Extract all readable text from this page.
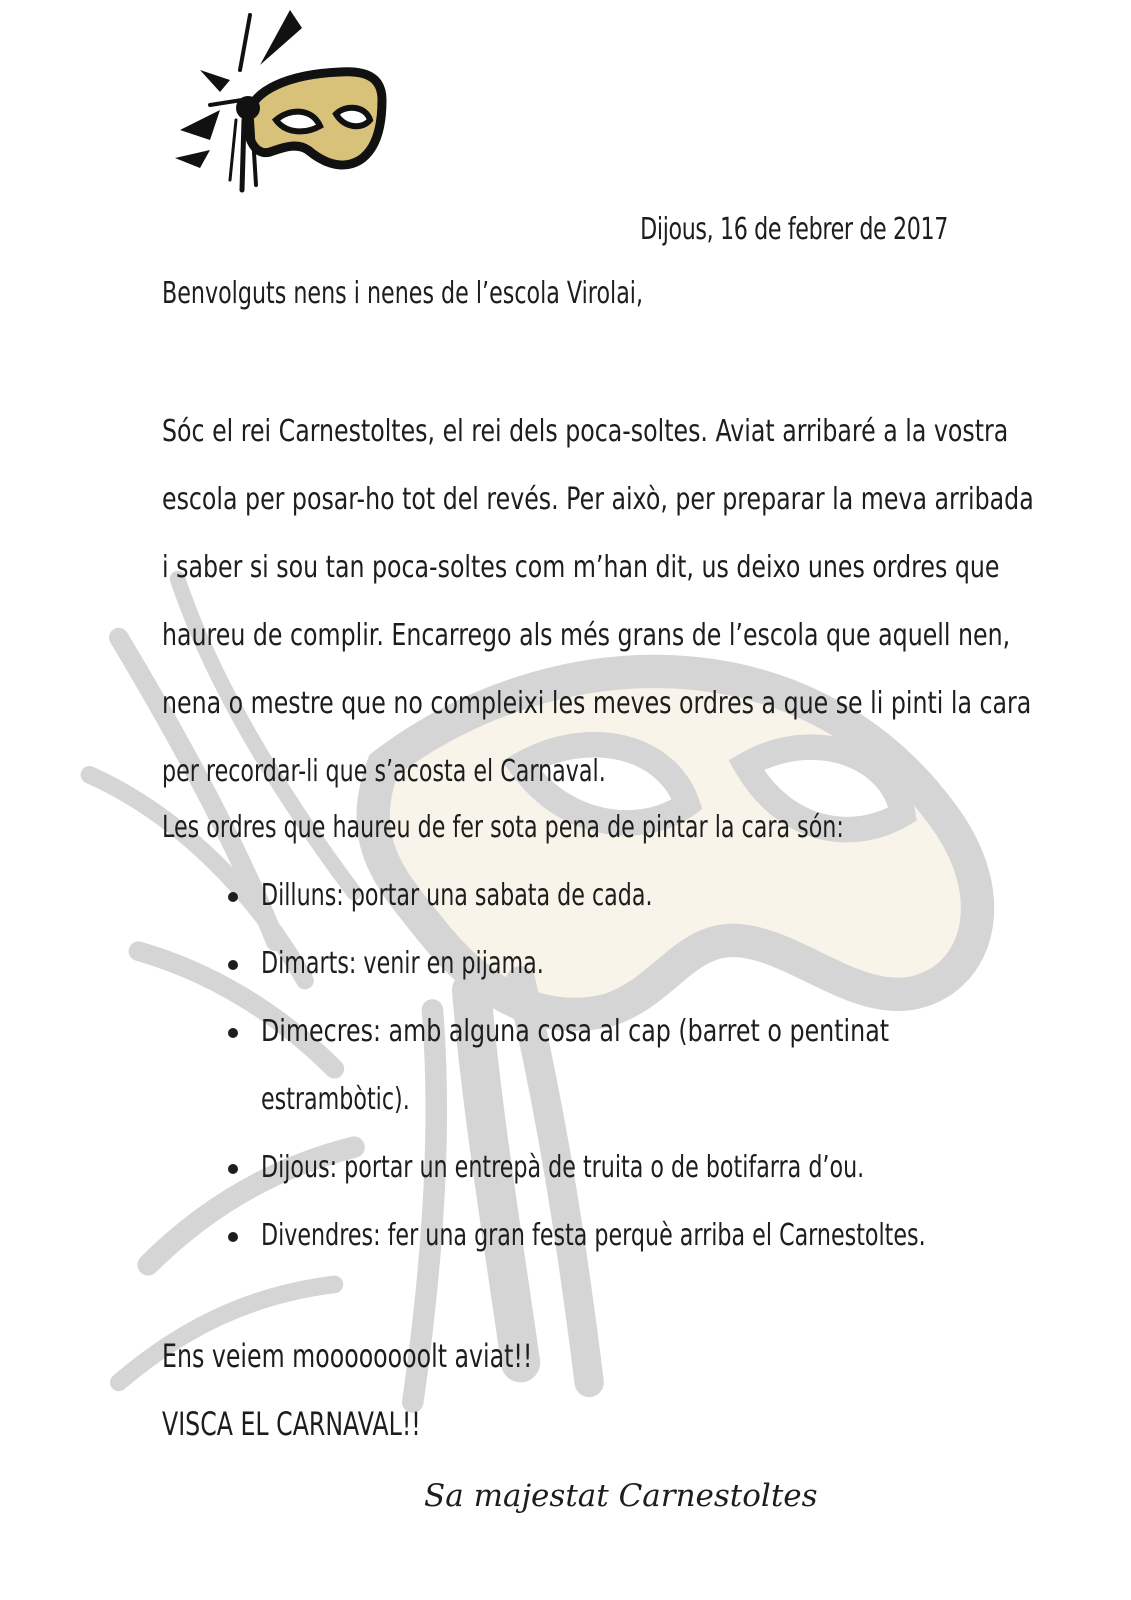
Dijous, 16 de febrer de 2017
Benvolguts nens i nenes de l’escola Virolai,
Sóc el rei Carnestoltes, el rei dels poca-soltes. Aviat arribaré a la vostra
escola per posar-ho tot del revés. Per això, per preparar la meva arribada
i saber si sou tan poca-soltes com m’han dit, us deixo unes ordres que
haureu de complir. Encarrego als més grans de l’escola que aquell nen,
nena o mestre que no compleixi les meves ordres a que se li pinti la cara
per recordar-li que s’acosta el Carnaval.
Les ordres que haureu de fer sota pena de pintar la cara són:
Dilluns: portar una sabata de cada.
Dimarts: venir en pijama.
Dimecres: amb alguna cosa al cap (barret o pentinat
estrambòtic).
Dijous: portar un entrepà de truita o de botifarra d’ou.
Divendres: fer una gran festa perquè arriba el Carnestoltes.
Ens veiem moooooooolt aviat!!
VISCA EL CARNAVAL!!
Sa majestat Carnestoltes
